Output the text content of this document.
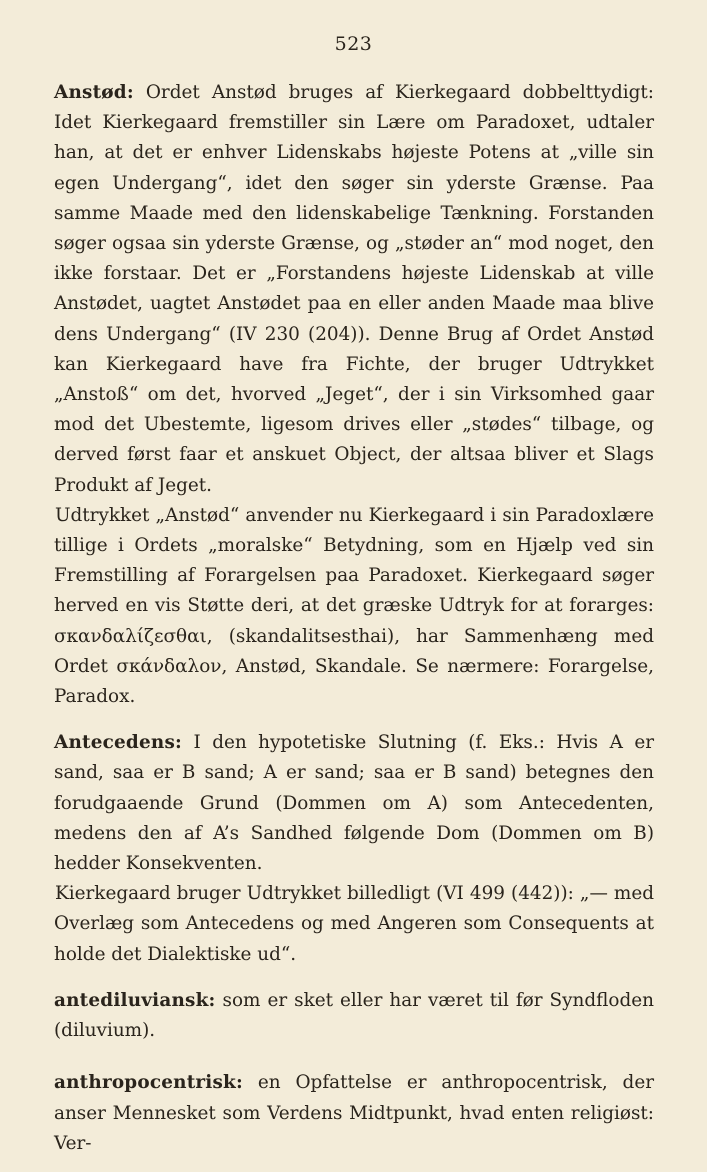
523

Anstød: Ordet Anstød bruges af Kierkegaard dobbelttydigt: Idet Kierkegaard fremstiller sin Lære om Paradoxet, udtaler han, at det er enhver Lidenskabs højeste Potens at „ville sin egen Undergang“, idet den søger sin yderste Grænse. Paa samme Maade med den lidenskabelige Tænkning. Forstanden søger ogsaa sin yderste Grænse, og „støder an“ mod noget, den ikke forstaar. Det er „Forstandens højeste Lidenskab at ville Anstødet, uagtet Anstødet paa en eller anden Maade maa blive dens Undergang“ (IV 230 (204)). Denne Brug af Ordet Anstød kan Kierkegaard have fra Fichte, der bruger Udtrykket „Anstoß“ om det, hvorved „Jeget“, der i sin Virksomhed gaar mod det Ubestemte, ligesom drives eller „stødes“ tilbage, og derved først faar et anskuet Object, der altsaa bliver et Slags Produkt af Jeget.

Udtrykket „Anstød“ anvender nu Kierkegaard i sin Paradoxlære tillige i Ordets „moralske“ Betydning, som en Hjælp ved sin Fremstilling af Forargelsen paa Paradoxet. Kierkegaard søger herved en vis Støtte deri, at det græske Udtryk for at forarges: σκανδαλίζεσθαι, (skandalitsesthai), har Sammenhæng med Ordet σκάνδαλον, Anstød, Skandale. Se nærmere: Forargelse, Paradox.

Antecedens: I den hypotetiske Slutning (f. Eks.: Hvis A er sand, saa er B sand; A er sand; saa er B sand) betegnes den forudgaaende Grund (Dommen om A) som Antecedenten, medens den af A’s Sandhed følgende Dom (Dommen om B) hedder Konsekventen.

Kierkegaard bruger Udtrykket billedligt (VI 499 (442)): „— med Overlæg som Antecedens og med Angeren som Consequents at holde det Dialektiske ud“.

antediluviansk: som er sket eller har været til før Syndfloden (diluvium).

anthropocentrisk: en Opfattelse er anthropocentrisk, der anser Mennesket som Verdens Midtpunkt, hvad enten religiøst: Ver-
